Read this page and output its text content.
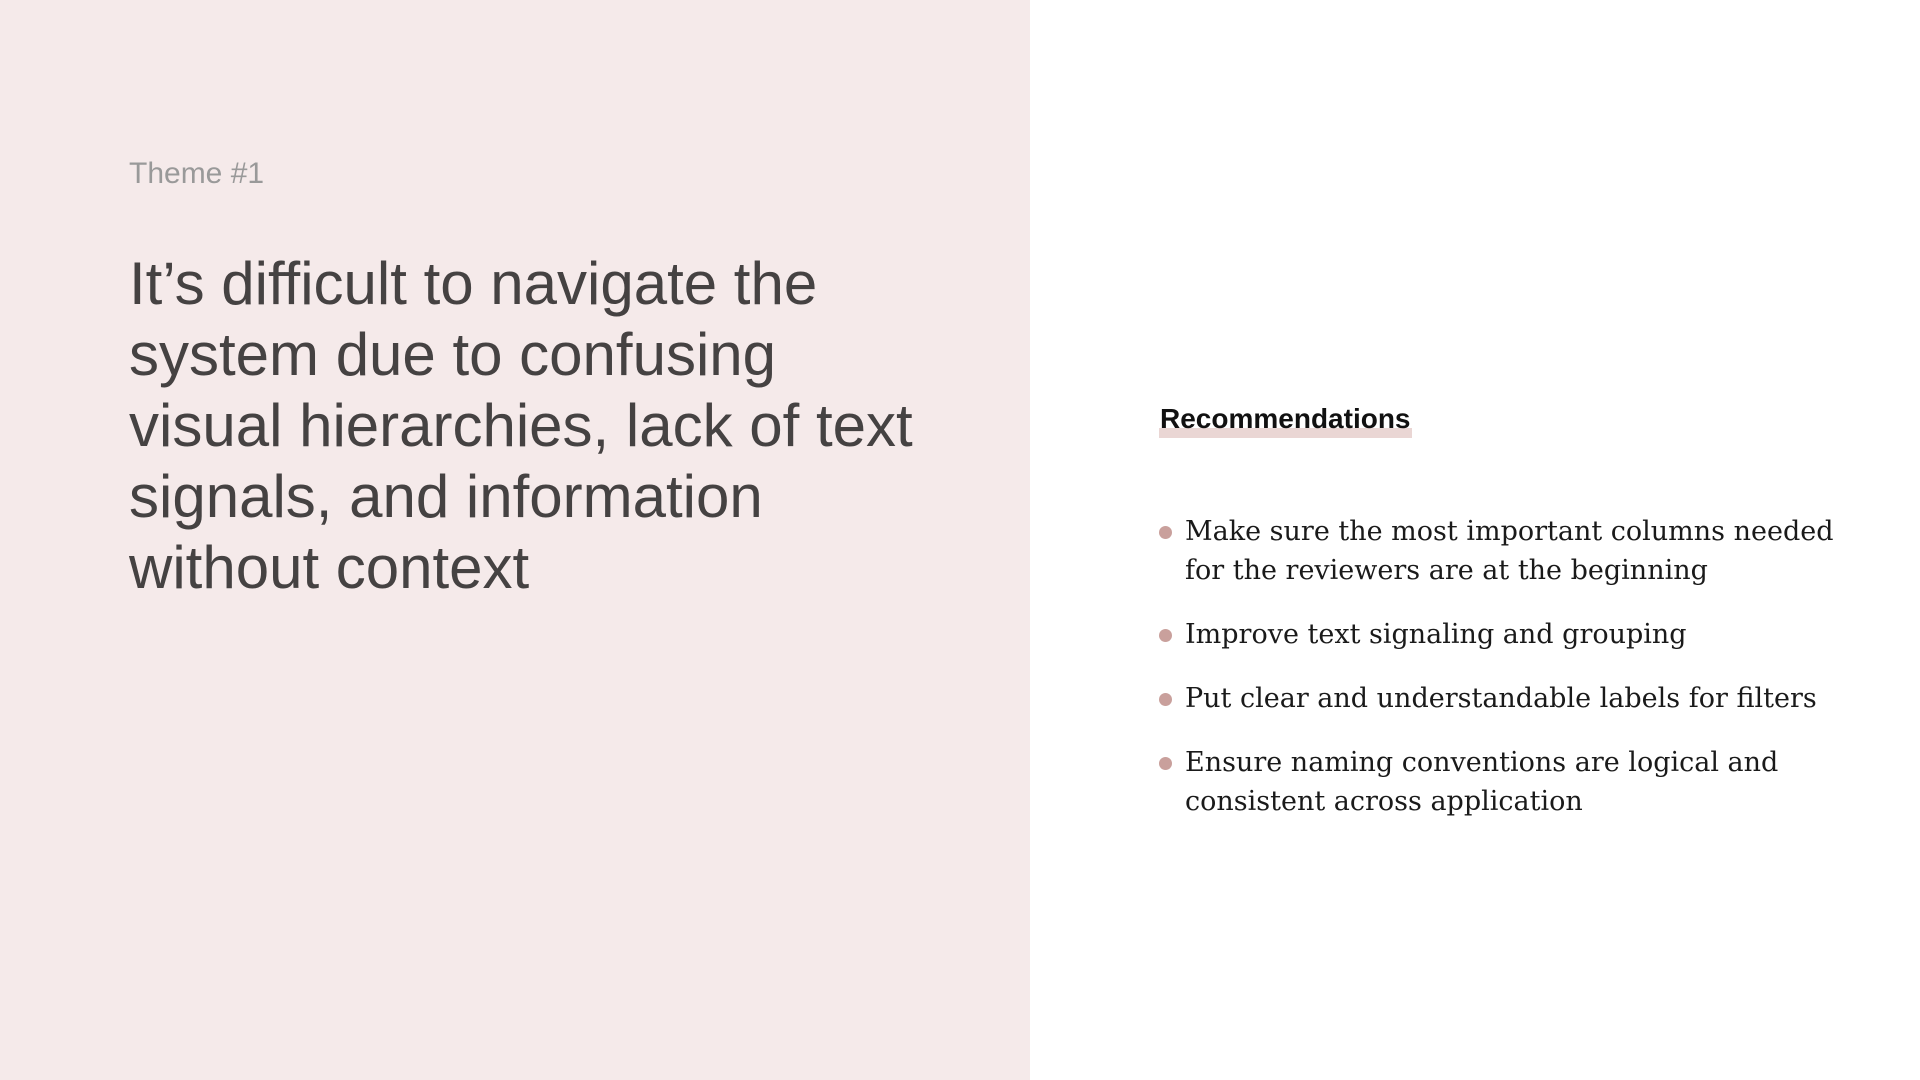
Theme #1
It’s difficult to navigate the system due to confusing visual hierarchies, lack of text signals, and information without context
Recommendations
Make sure the most important columns needed for the reviewers are at the beginning
Improve text signaling and grouping
Put clear and understandable labels for filters
Ensure naming conventions are logical and consistent across application
